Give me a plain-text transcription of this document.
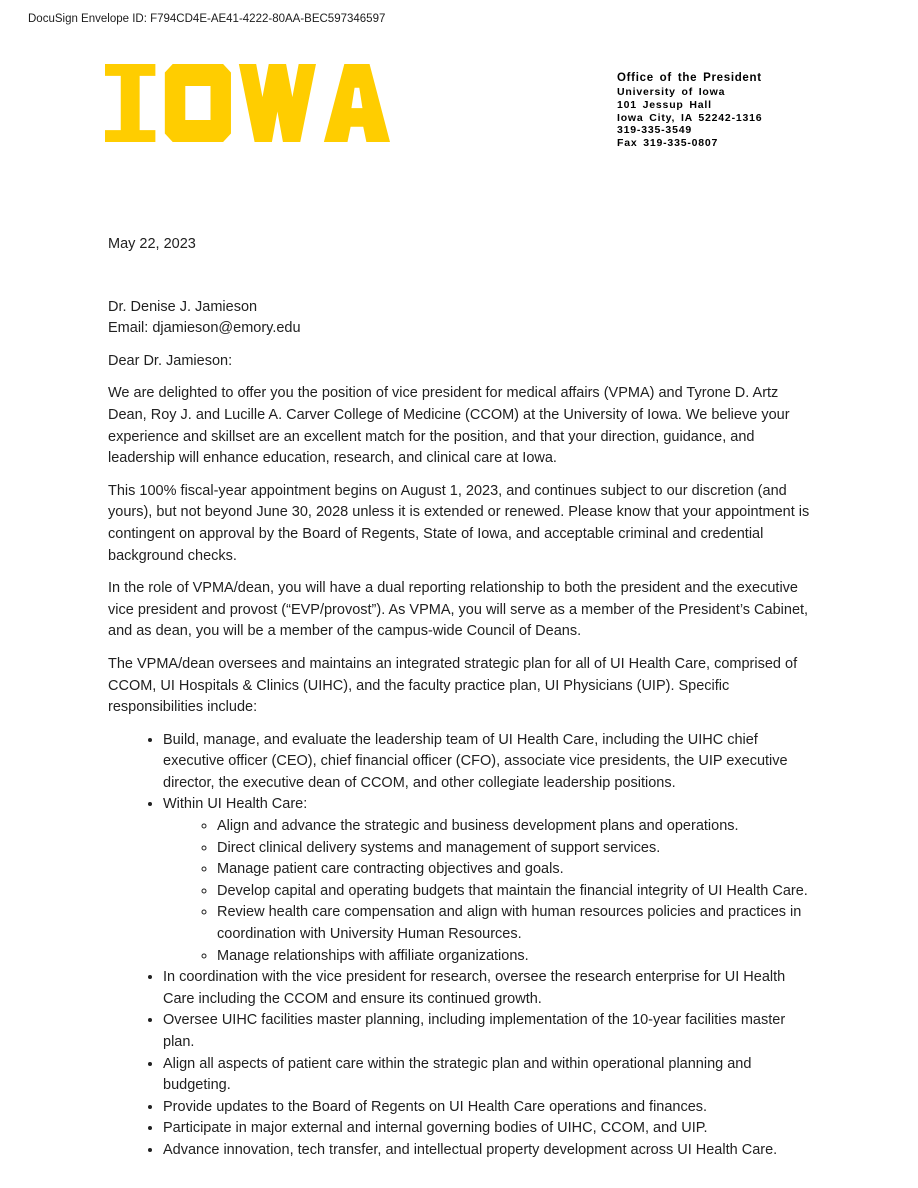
DocuSign Envelope ID: F794CD4E-AE41-4222-80AA-BEC597346597
Office of the President
University of Iowa
101 Jessup Hall
Iowa City, IA 52242-1316
319-335-3549
Fax 319-335-0807

May 22, 2023

Dr. Denise J. Jamieson

Email: djamieson@emory.edu

Dear Dr. Jamieson:

We are delighted to offer you the position of vice president for medical affairs (VPMA) and Tyrone D. Artz Dean, Roy J. and Lucille A. Carver College of Medicine (CCOM) at the University of Iowa. We believe your experience and skillset are an excellent match for the position, and that your direction, guidance, and leadership will enhance education, research, and clinical care at Iowa.

This 100% fiscal-year appointment begins on August 1, 2023, and continues subject to our discretion (and yours), but not beyond June 30, 2028 unless it is extended or renewed. Please know that your appointment is contingent on approval by the Board of Regents, State of Iowa, and acceptable criminal and credential background checks.

In the role of VPMA/dean, you will have a dual reporting relationship to both the president and the executive vice president and provost (“EVP/provost”). As VPMA, you will serve as a member of the President’s Cabinet, and as dean, you will be a member of the campus-wide Council of Deans.

The VPMA/dean oversees and maintains an integrated strategic plan for all of UI Health Care, comprised of CCOM, UI Hospitals & Clinics (UIHC), and the faculty practice plan, UI Physicians (UIP). Specific responsibilities include:

• Build, manage, and evaluate the leadership team of UI Health Care, including the UIHC chief executive officer (CEO), chief financial officer (CFO), associate vice presidents, the UIP executive director, the executive dean of CCOM, and other collegiate leadership positions.
• Within UI Health Care:
◦ Align and advance the strategic and business development plans and operations.
◦ Direct clinical delivery systems and management of support services.
◦ Manage patient care contracting objectives and goals.
◦ Develop capital and operating budgets that maintain the financial integrity of UI Health Care.
◦ Review health care compensation and align with human resources policies and practices in coordination with University Human Resources.
◦ Manage relationships with affiliate organizations.
• In coordination with the vice president for research, oversee the research enterprise for UI Health Care including the CCOM and ensure its continued growth.
• Oversee UIHC facilities master planning, including implementation of the 10-year facilities master plan.
• Align all aspects of patient care within the strategic plan and within operational planning and budgeting.
• Provide updates to the Board of Regents on UI Health Care operations and finances.
• Participate in major external and internal governing bodies of UIHC, CCOM, and UIP.
• Advance innovation, tech transfer, and intellectual property development across UI Health Care.
